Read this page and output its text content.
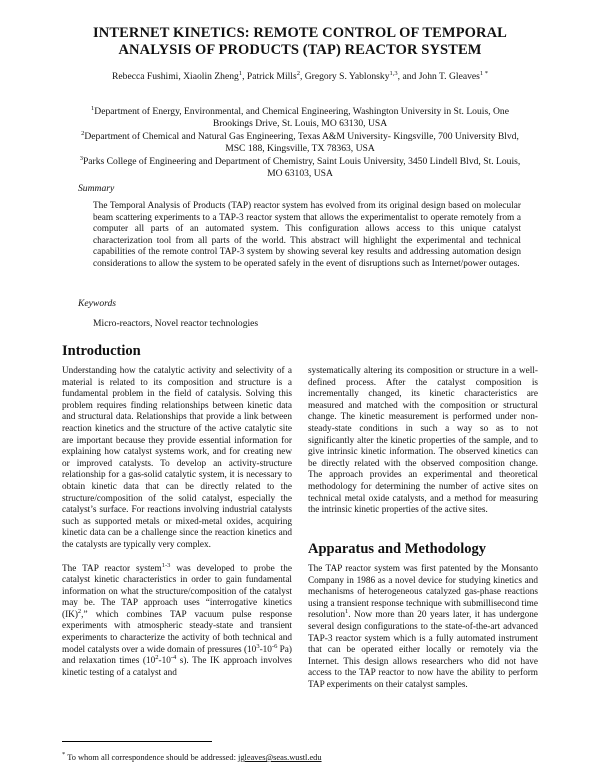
INTERNET KINETICS: REMOTE CONTROL OF TEMPORAL
ANALYSIS OF PRODUCTS (TAP) REACTOR SYSTEM
Rebecca Fushimi, Xiaolin Zheng$^1$, Patrick Mills$^2$, Gregory S. Yablonsky$^{1,3}$, and John T. Gleaves$^{1 *}$
$^1$Department of Energy, Environmental, and Chemical Engineering, Washington University in St. Louis, One Brookings Drive, St. Louis, MO 63130, USA
$^2$Department of Chemical and Natural Gas Engineering, Texas A&M University- Kingsville, 700 University Blvd, MSC 188, Kingsville, TX 78363, USA
$^3$Parks College of Engineering and Department of Chemistry, Saint Louis University, 3450 Lindell Blvd, St. Louis, MO 63103, USA
Summary
The Temporal Analysis of Products (TAP) reactor system has evolved from its original design based on molecular beam scattering experiments to a TAP-3 reactor system that allows the experimentalist to operate remotely from a computer all parts of an automated system. This configuration allows access to this unique catalyst characterization tool from all parts of the world. This abstract will highlight the experimental and technical capabilities of the remote control TAP-3 system by showing several key results and addressing automation design considerations to allow the system to be operated safely in the event of disruptions such as Internet/power outages.
Keywords
Micro-reactors, Novel reactor technologies
Introduction

Understanding how the catalytic activity and selectivity of a material is related to its composition and structure is a fundamental problem in the field of catalysis. Solving this problem requires finding relationships between kinetic data and structural data. Relationships that provide a link between reaction kinetics and the structure of the active catalytic site are important because they provide essential information for explaining how catalyst systems work, and for creating new or improved catalysts. To develop an activity-structure relationship for a gas-solid catalytic system, it is necessary to obtain kinetic data that can be directly related to the structure/composition of the solid catalyst, especially the catalyst’s surface. For reactions involving industrial catalysts such as supported metals or mixed-metal oxides, acquiring kinetic data can be a challenge since the reaction kinetics and the catalysts are typically very complex.

The TAP reactor system$^{1-3}$ was developed to probe the catalyst kinetic characteristics in order to gain fundamental information on what the structure/composition of the catalyst may be. The TAP approach uses “interrogative kinetics (IK)$^2$,” which combines TAP vacuum pulse response experiments with atmospheric steady-state and transient experiments to characterize the activity of both technical and model catalysts over a wide domain of pressures ($10^3-10^{-6}$ Pa) and relaxation times ($10^2-10^{-4}$ s). The IK approach involves kinetic testing of a catalyst and

systematically altering its composition or structure in a well-defined process. After the catalyst composition is incrementally changed, its kinetic characteristics are measured and matched with the composition or structural change. The kinetic measurement is performed under non-steady-state conditions in such a way so as to not significantly alter the kinetic properties of the sample, and to give intrinsic kinetic information. The observed kinetics can be directly related with the observed composition change. The approach provides an experimental and theoretical methodology for determining the number of active sites on technical metal oxide catalysts, and a method for measuring the intrinsic kinetic properties of the active sites.

Apparatus and Methodology

The TAP reactor system was first patented by the Monsanto Company in 1986 as a novel device for studying kinetics and mechanisms of heterogeneous catalyzed gas-phase reactions using a transient response technique with submillisecond time resolution$^1$. Now more than 20 years later, it has undergone several design configurations to the state-of-the-art advanced TAP-3 reactor system which is a fully automated instrument that can be operated either locally or remotely via the Internet. This design allows researchers who did not have access to the TAP reactor to now have the ability to perform TAP experiments on their catalyst samples.

* To whom all correspondence should be addressed: jgleaves@seas.wustl.edu
